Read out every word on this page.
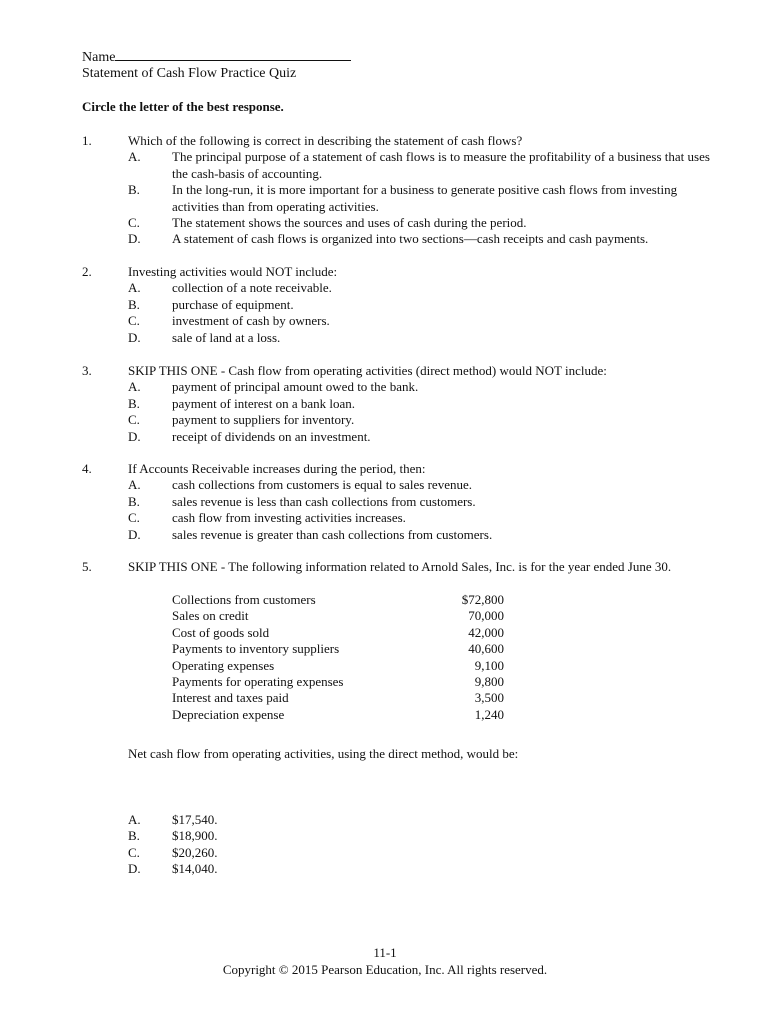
Name
Statement of Cash Flow Practice Quiz
Circle the letter of the best response.
1.	Which of the following is correct in describing the statement of cash flows?
A. The principal purpose of a statement of cash flows is to measure the profitability of a business that uses the cash-basis of accounting.
B. In the long-run, it is more important for a business to generate positive cash flows from investing activities than from operating activities.
C. The statement shows the sources and uses of cash during the period.
D. A statement of cash flows is organized into two sections—cash receipts and cash payments.
2.	Investing activities would NOT include:
A. collection of a note receivable.
B. purchase of equipment.
C. investment of cash by owners.
D. sale of land at a loss.
3.	SKIP THIS ONE - Cash flow from operating activities (direct method) would NOT include:
A. payment of principal amount owed to the bank.
B. payment of interest on a bank loan.
C. payment to suppliers for inventory.
D. receipt of dividends on an investment.
4.	If Accounts Receivable increases during the period, then:
A. cash collections from customers is equal to sales revenue.
B. sales revenue is less than cash collections from customers.
C. cash flow from investing activities increases.
D. sales revenue is greater than cash collections from customers.
5.	SKIP THIS ONE - The following information related to Arnold Sales, Inc. is for the year ended June 30.
Collections from customers	$72,800
Sales on credit	70,000
Cost of goods sold	42,000
Payments to inventory suppliers	40,600
Operating expenses	9,100
Payments for operating expenses	9,800
Interest and taxes paid	3,500
Depreciation expense	1,240
Net cash flow from operating activities, using the direct method, would be:
A. $17,540.
B. $18,900.
C. $20,260.
D. $14,040.
11-1
Copyright © 2015 Pearson Education, Inc. All rights reserved.
